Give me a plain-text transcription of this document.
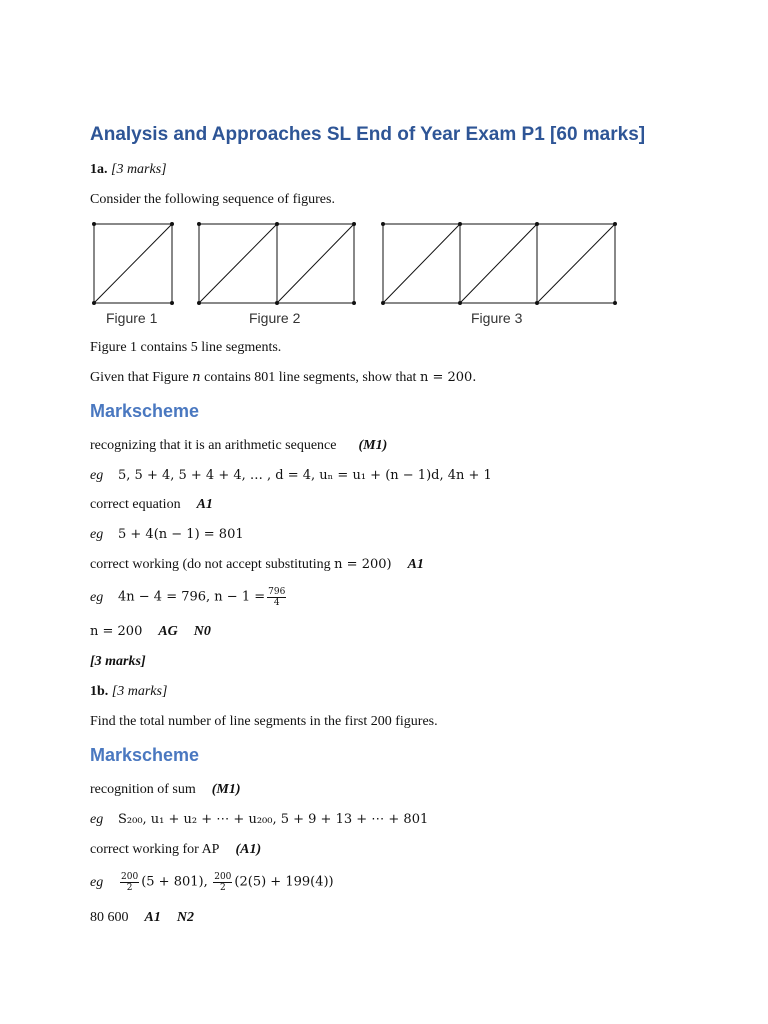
Analysis and Approaches SL End of Year Exam P1 [60 marks]
1a. [3 marks]
Consider the following sequence of figures.
Figure 1	Figure 2	Figure 3
Figure 1 contains 5 line segments.
Given that Figure n contains 801 line segments, show that n = 200.
Markscheme
recognizing that it is an arithmetic sequence (M1)
eg 5, 5 + 4, 5 + 4 + 4, … , d = 4, uₙ = u₁ + (n − 1)d, 4n + 1
correct equation A1
eg 5 + 4(n − 1) = 801
correct working (do not accept substituting n = 200) A1
eg 4n − 4 = 796, $n - 1 = \frac{796}{4}$
n = 200 AG N0
[3 marks]
1b. [3 marks]
Find the total number of line segments in the first 200 figures.
Markscheme
recognition of sum (M1)
eg S₂₀₀, u₁ + u₂ + ⋯ + u₂₀₀, 5 + 9 + 13 + ⋯ + 801
correct working for AP (A1)
eg $\frac{200}{2} (5 + 801)$, $\frac{200}{2} (2(5) + 199(4))$
80 600 A1 N2
